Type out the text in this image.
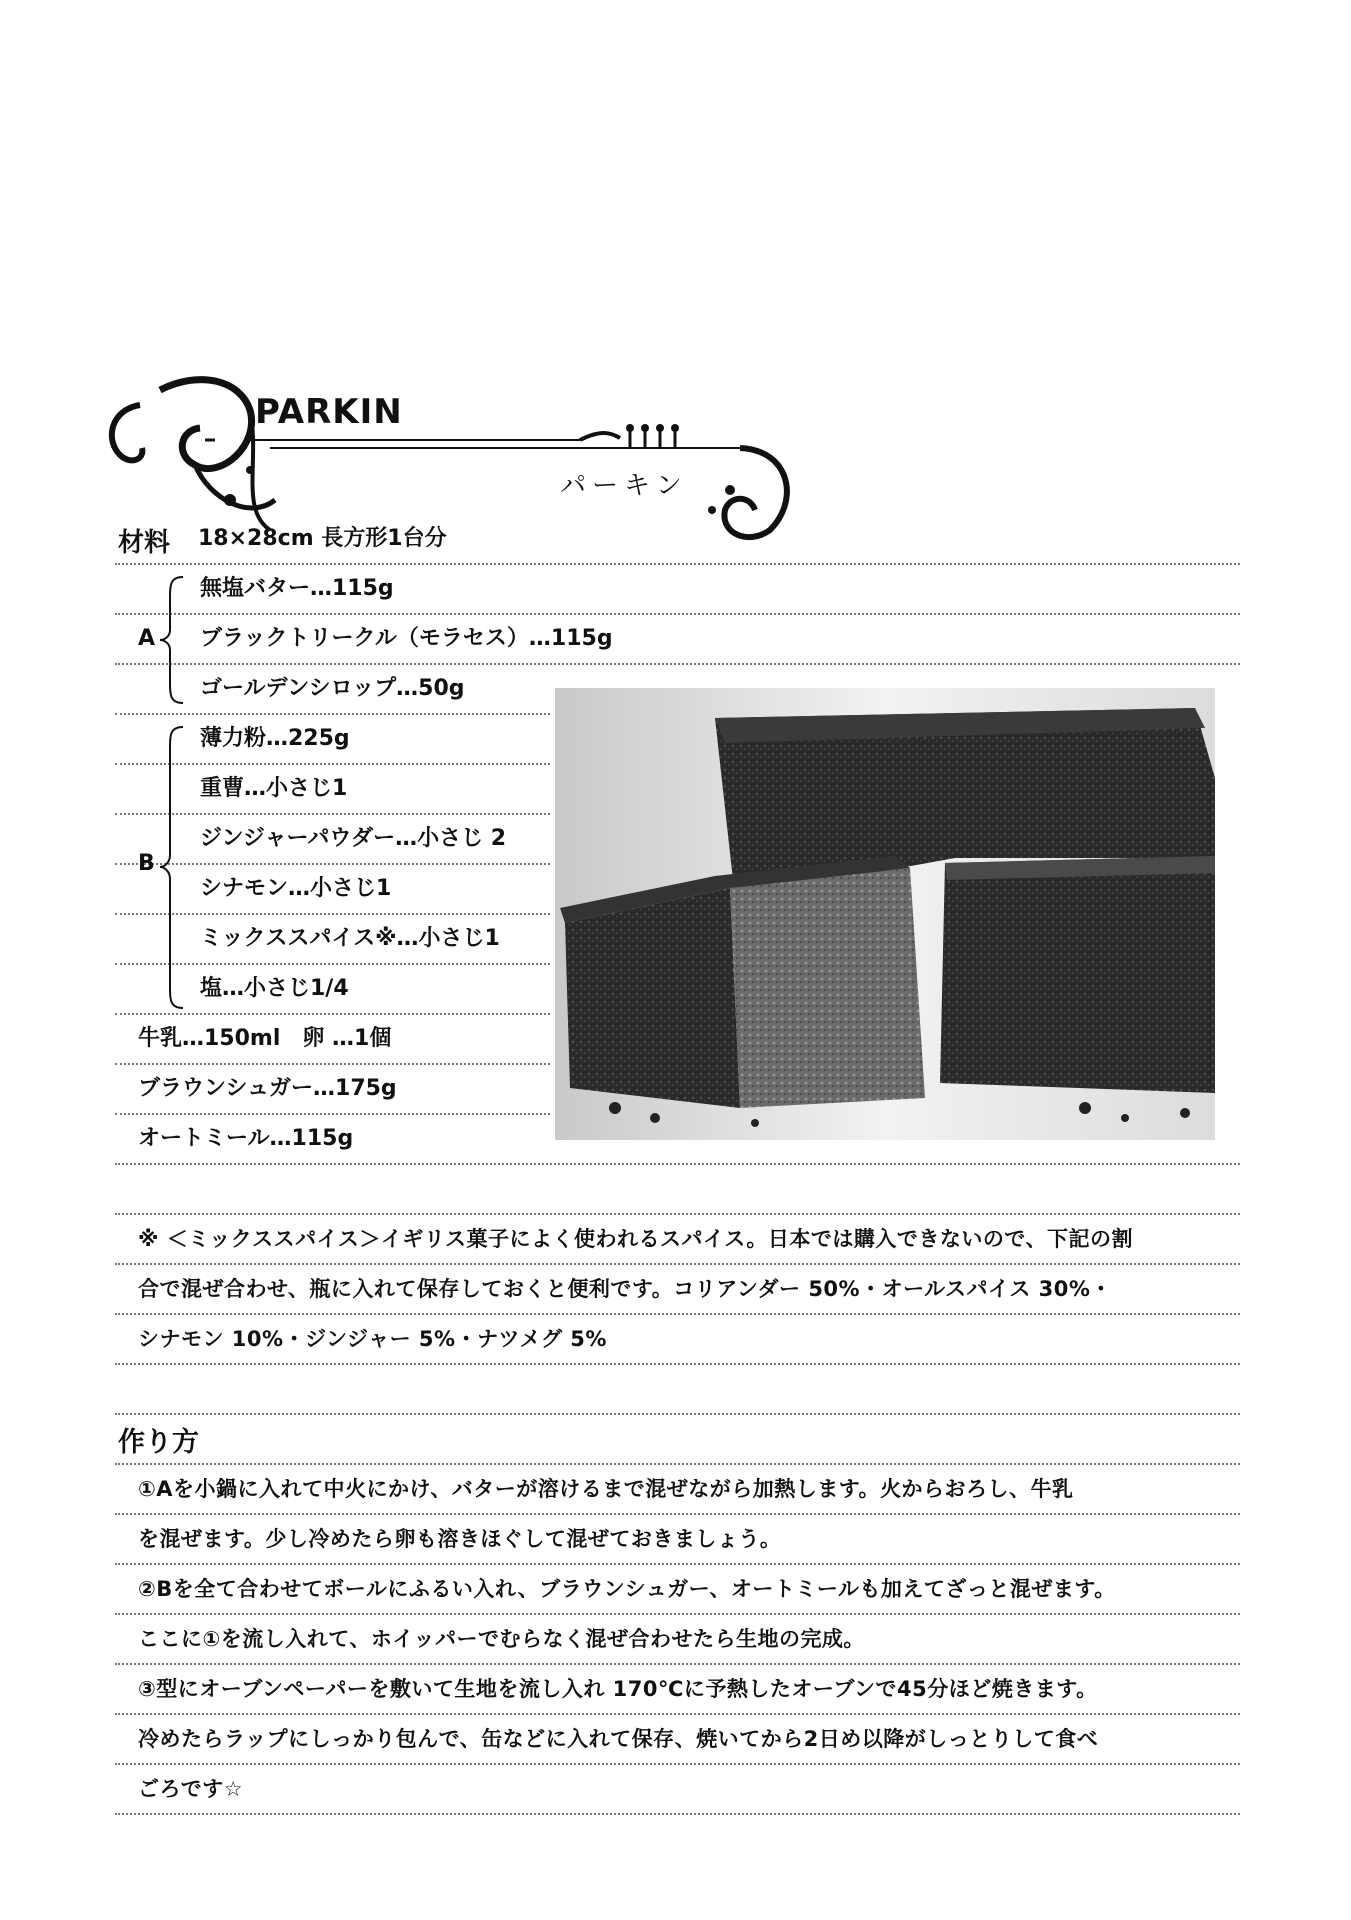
PARKIN
パーキン
材料 18×28cm 長方形1台分
A
無塩バター…115g
ブラックトリークル（モラセス）…115g
ゴールデンシロップ…50g
B
薄力粉…225g
重曹…小さじ1
ジンジャーパウダー…小さじ 2
シナモン…小さじ1
ミックススパイス※…小さじ1
塩…小さじ1/4
牛乳…150ml　卵 …1個
ブラウンシュガー…175g
オートミール…115g
※ ＜ミックススパイス＞イギリス菓子によく使われるスパイス。日本では購入できないので、下記の割
合で混ぜ合わせ、瓶に入れて保存しておくと便利です。コリアンダー 50%・オールスパイス 30%・
シナモン 10%・ジンジャー 5%・ナツメグ 5%
作り方
①Aを小鍋に入れて中火にかけ、バターが溶けるまで混ぜながら加熱します。火からおろし、牛乳
を混ぜます。少し冷めたら卵も溶きほぐして混ぜておきましょう。
②Bを全て合わせてボールにふるい入れ、ブラウンシュガー、オートミールも加えてざっと混ぜます。
ここに①を流し入れて、ホイッパーでむらなく混ぜ合わせたら生地の完成。
③型にオーブンペーパーを敷いて生地を流し入れ 170℃に予熱したオーブンで45分ほど焼きます。
冷めたらラップにしっかり包んで、缶などに入れて保存、焼いてから2日め以降がしっとりして食べ
ごろです☆
